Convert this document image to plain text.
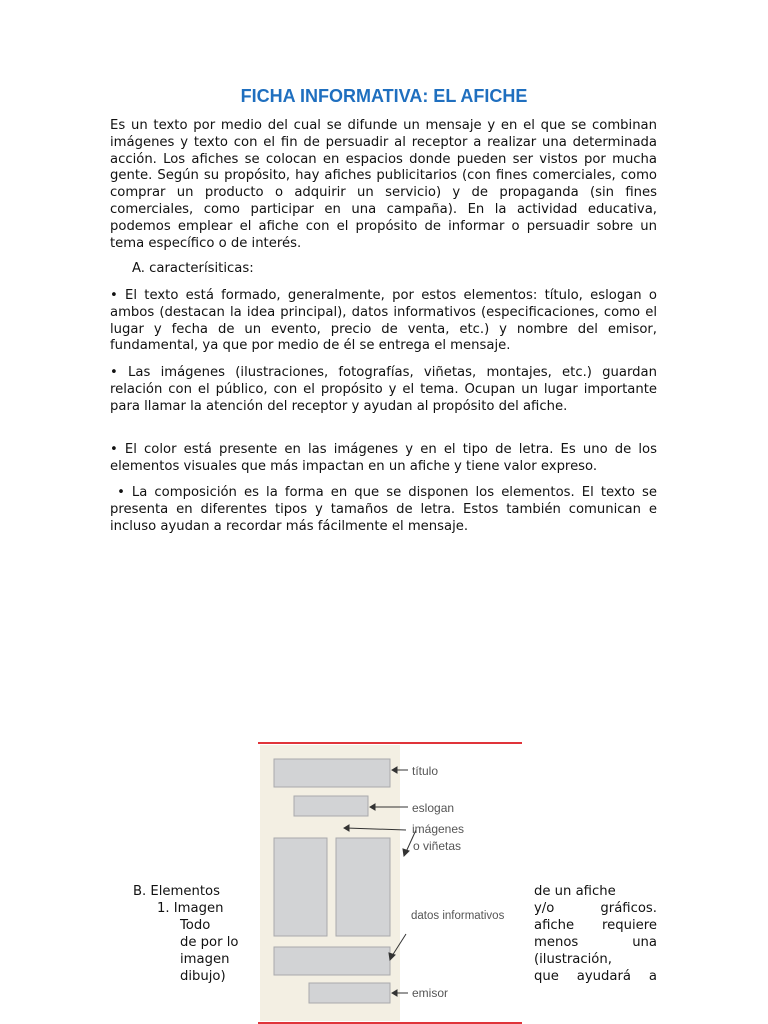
FICHA INFORMATIVA: EL AFICHE

Es un texto por medio del cual se difunde un mensaje y en el que se combinan imágenes y texto con el fin de persuadir al receptor a realizar una determinada acción. Los afiches se colocan en espacios donde pueden ser vistos por mucha gente. Según su propósito, hay afiches publicitarios (con fines comerciales, como comprar un producto o adquirir un servicio) y de propaganda (sin fines comerciales, como participar en una campaña). En la actividad educativa, podemos emplear el afiche con el propósito de informar o persuadir sobre un tema específico o de interés.

A. caracterísiticas:

• El texto está formado, generalmente, por estos elementos: título, eslogan o ambos (destacan la idea principal), datos informativos (especificaciones, como el lugar y fecha de un evento, precio de venta, etc.) y nombre del emisor, fundamental, ya que por medio de él se entrega el mensaje.

• Las imágenes (ilustraciones, fotografías, viñetas, montajes, etc.) guardan relación con el público, con el propósito y el tema. Ocupan un lugar importante para llamar la atención del receptor y ayudan al propósito del afiche.

• El color está presente en las imágenes y en el tipo de letra. Es uno de los elementos visuales que más impactan en un afiche y tiene valor expreso.

• La composición es la forma en que se disponen los elementos. El texto se presenta en diferentes tipos y tamaños de letra. Estos también comunican e incluso ayudan a recordar más fácilmente el mensaje.

B. Elementos
1. Imagen
Todo
de por lo
imagen
dibujo)
de un afiche
y/o gráficos.
afiche requiere
menos una
(ilustración,
que ayudará a
título
eslogan
imágenes
o viñetas
datos informativos
emisor
